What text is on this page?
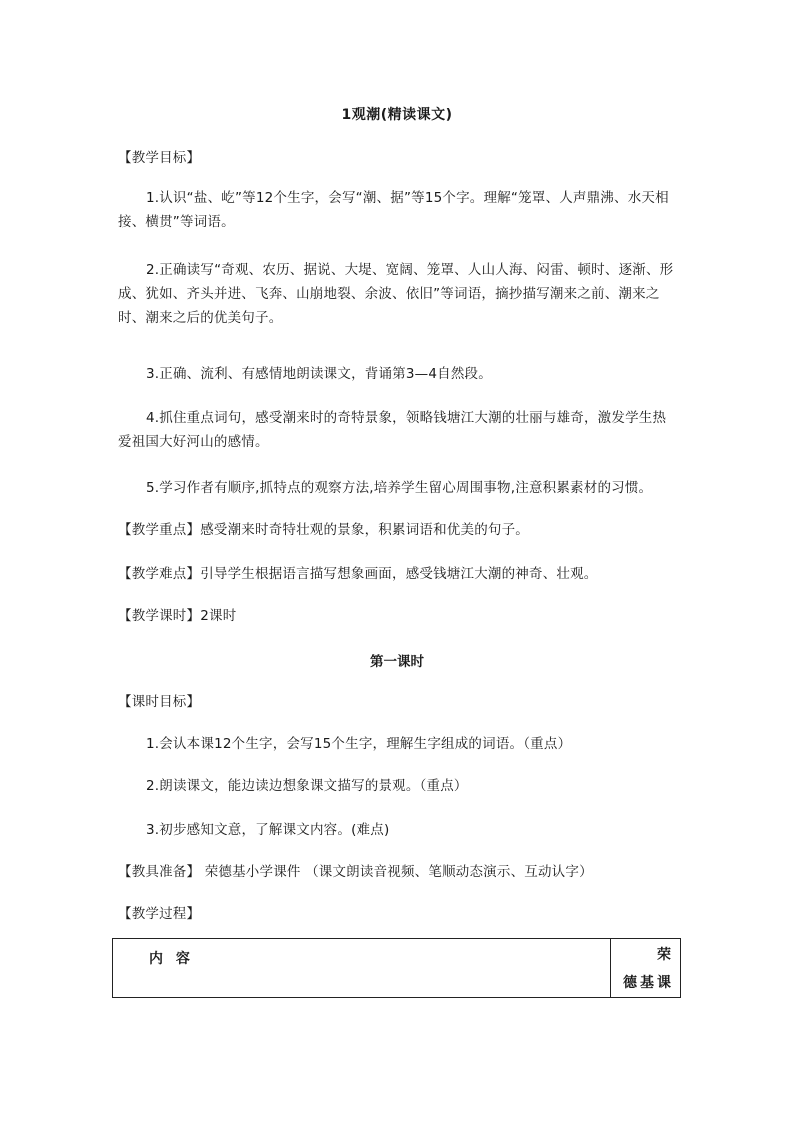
1观潮(精读课文)
【教学目标】
1.认识“盐、屹”等12个生字，会写“潮、据”等15个字。理解“笼罩、人声鼎沸、水天相接、横贯”等词语。
2.正确读写“奇观、农历、据说、大堤、宽阔、笼罩、人山人海、闷雷、顿时、逐渐、形成、犹如、齐头并进、飞奔、山崩地裂、余波、依旧”等词语，摘抄描写潮来之前、潮来之时、潮来之后的优美句子。
3.正确、流利、有感情地朗读课文，背诵第3—4自然段。
4.抓住重点词句，感受潮来时的奇特景象，领略钱塘江大潮的壮丽与雄奇，激发学生热爱祖国大好河山的感情。
5.学习作者有顺序,抓特点的观察方法,培养学生留心周围事物,注意积累素材的习惯。
【教学重点】感受潮来时奇特壮观的景象，积累词语和优美的句子。
【教学难点】引导学生根据语言描写想象画面，感受钱塘江大潮的神奇、壮观。
【教学课时】2课时
第一课时
【课时目标】
1.会认本课12个生字，会写15个生字，理解生字组成的词语。（重点）
2.朗读课文，能边读边想象课文描写的景观。（重点）
3.初步感知文意，了解课文内容。(难点)
【教具准备】 荣德基小学课件 （课文朗读音视频、笔顺动态演示、互动认字）
【教学过程】
内 容	荣
德基课
